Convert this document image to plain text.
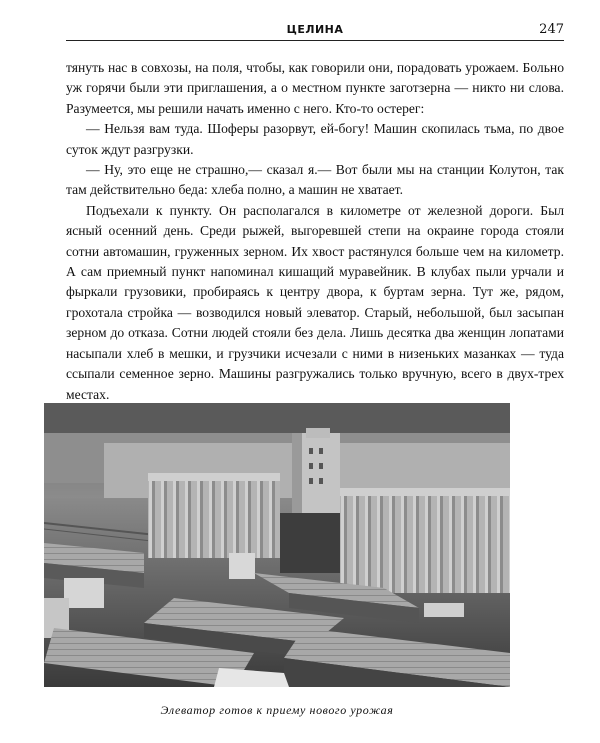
ЦЕЛИНА	247

тянуть нас в совхозы, на поля, чтобы, как говорили они, порадовать урожаем. Больно уж горячи были эти приглашения, а о местном пункте заготзерна — никто ни слова. Разумеется, мы решили начать именно с него. Кто-то остерег:

— Нельзя вам туда. Шоферы разорвут, ей-богу! Машин скопилась тьма, по двое суток ждут разгрузки.

— Ну, это еще не страшно,— сказал я.— Вот были мы на станции Колутон, так там действительно беда: хлеба полно, а машин не хватает.

Подъехали к пункту. Он располагался в километре от железной дороги. Был ясный осенний день. Среди рыжей, выгоревшей степи на окраине города стояли сотни автомашин, груженных зерном. Их хвост растянулся больше чем на километр. А сам приемный пункт напоминал кишащий муравейник. В клубах пыли урчали и фыркали грузовики, пробираясь к центру двора, к буртам зерна. Тут же, рядом, грохотала стройка — возводился новый элеватор. Старый, небольшой, был засыпан зерном до отказа. Сотни людей стояли без дела. Лишь десятка два женщин лопатами насыпали хлеб в мешки, и грузчики исчезали с ними в низеньких мазанках — туда ссыпали семенное зерно. Машины разгружались только вручную, всего в двух-трех местах.

Элеватор готов к приему нового урожая
